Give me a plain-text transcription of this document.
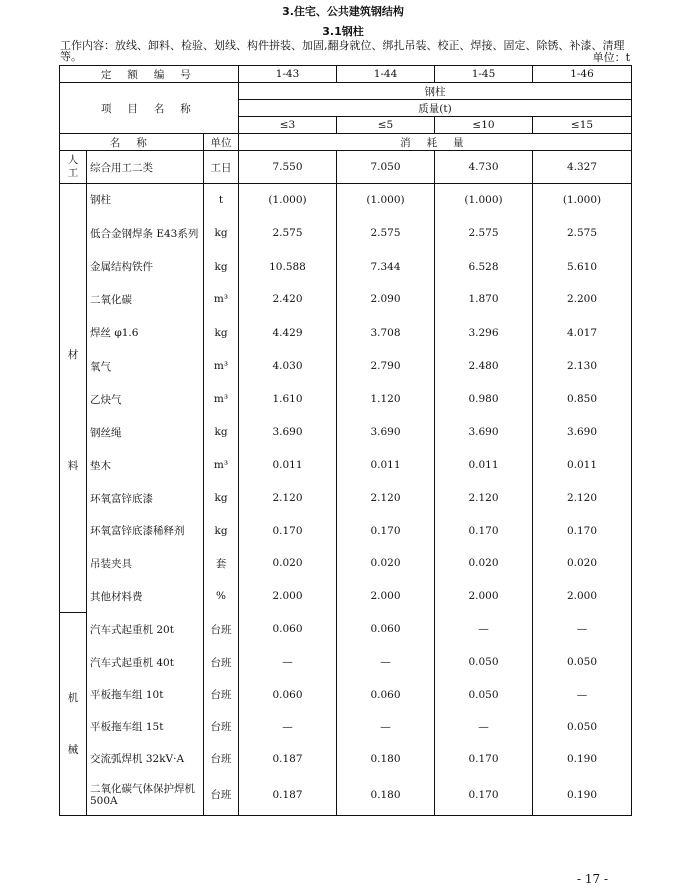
3.住宅、公共建筑钢结构
3.1钢柱
工作内容：放线、卸料、检验、划线、构件拼装、加固,翻身就位、绑扎吊装、校正、焊接、固定、除锈、补漆、清理等。	单位：t
定 额 编 号			1-43	1-44	1-45	1-46
项 目 名 称			钢柱			
			质量(t)			
			≤3	≤5	≤10	≤15
名 称		单位	消 耗 量			

人
工	综合用工二类	工日	7.550	7.050	4.730	4.327

材
料	钢柱	t	(1.000)	(1.000)	(1.000)	(1.000)
	低合金钢焊条 E43系列	kg	2.575	2.575	2.575	2.575
	金属结构铁件	kg	10.588	7.344	6.528	5.610
	二氧化碳	m³	2.420	2.090	1.870	2.200
	焊丝 φ1.6	kg	4.429	3.708	3.296	4.017
	氧气	m³	4.030	2.790	2.480	2.130
	乙炔气	m³	1.610	1.120	0.980	0.850
	钢丝绳	kg	3.690	3.690	3.690	3.690
	垫木	m³	0.011	0.011	0.011	0.011
	环氧富锌底漆	kg	2.120	2.120	2.120	2.120
	环氧富锌底漆稀释剂	kg	0.170	0.170	0.170	0.170
	吊装夹具	套	0.020	0.020	0.020	0.020
	其他材料费	%	2.000	2.000	2.000	2.000

机
械	汽车式起重机 20t	台班	0.060	0.060	—	—
	汽车式起重机 40t	台班	—	—	0.050	0.050
	平板拖车组 10t	台班	0.060	0.060	0.050	—
	平板拖车组 15t	台班	—	—	—	0.050
	交流弧焊机 32kV·A	台班	0.187	0.180	0.170	0.190
	二氧化碳气体保护焊机 500A	台班	0.187	0.180	0.170	0.190
- 17 -
